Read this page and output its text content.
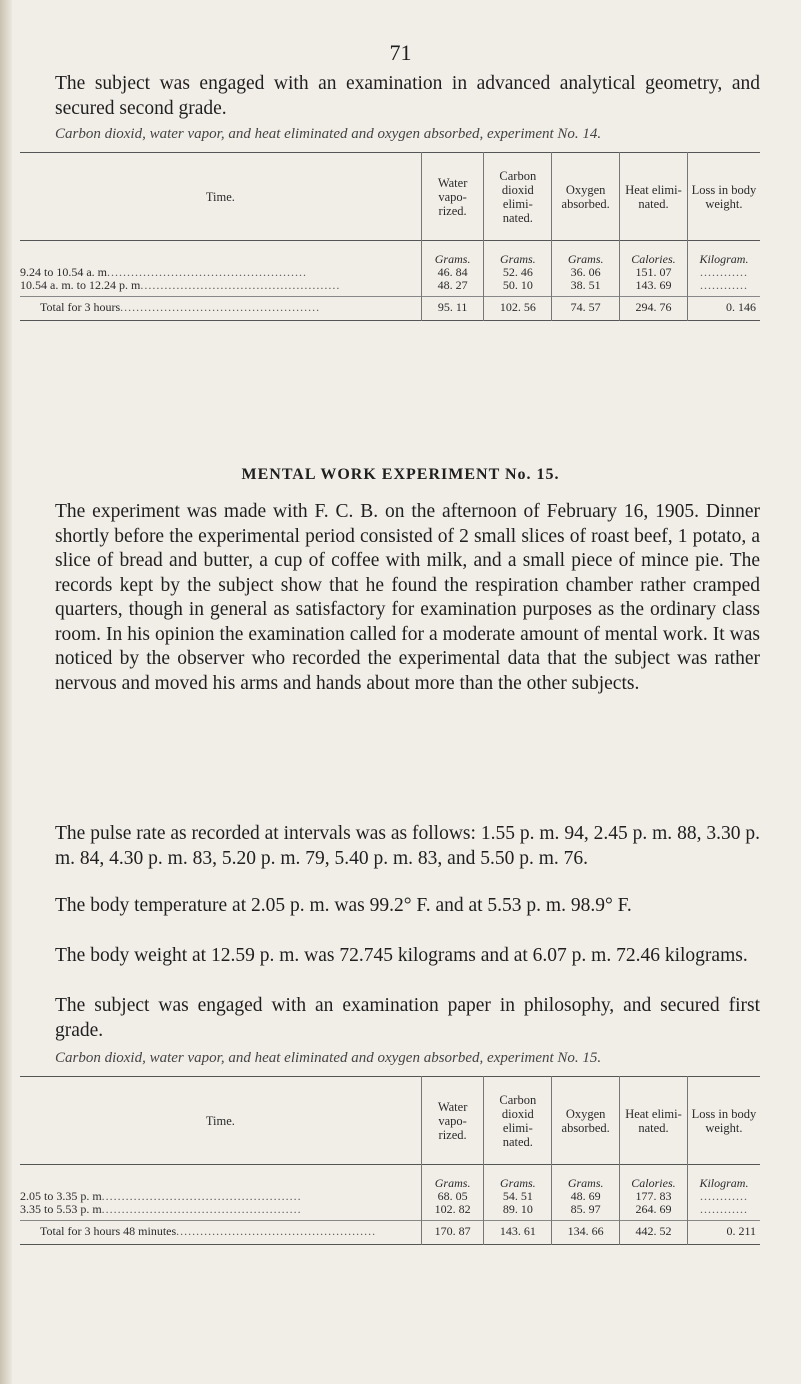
71

The subject was engaged with an examination in advanced analytical geometry, and secured second grade.

Carbon dioxid, water vapor, and heat eliminated and oxygen absorbed, experiment No. 14.
Time.	Water vapo- rized.	Carbon dioxid elimi- nated.	Oxygen absorbed.	Heat elimi- nated.	Loss in body weight.
	Grams.	Grams.	Grams.	Calories.	Kilogram.
9.24 to 10.54 a. m..................................................	46. 84	52. 46	36. 06	151. 07	............
10.54 a. m. to 12.24 p. m..................................................	48. 27	50. 10	38. 51	143. 69	............

Total for 3 hours..................................................	95. 11	102. 56	74. 57	294. 76	0. 146
MENTAL WORK EXPERIMENT No. 15.

The experiment was made with F. C. B. on the afternoon of February 16, 1905. Dinner shortly before the experimental period consisted of 2 small slices of roast beef, 1 potato, a slice of bread and butter, a cup of coffee with milk, and a small piece of mince pie. The records kept by the subject show that he found the respiration chamber rather cramped quarters, though in general as satisfactory for examination purposes as the ordinary class room. In his opinion the examination called for a moderate amount of mental work. It was noticed by the observer who recorded the experimental data that the subject was rather nervous and moved his arms and hands about more than the other subjects.

The pulse rate as recorded at intervals was as follows: 1.55 p. m. 94, 2.45 p. m. 88, 3.30 p. m. 84, 4.30 p. m. 83, 5.20 p. m. 79, 5.40 p. m. 83, and 5.50 p. m. 76.

The body temperature at 2.05 p. m. was 99.2° F. and at 5.53 p. m. 98.9° F.

The body weight at 12.59 p. m. was 72.745 kilograms and at 6.07 p. m. 72.46 kilograms.

The subject was engaged with an examination paper in philosophy, and secured first grade.

Carbon dioxid, water vapor, and heat eliminated and oxygen absorbed, experiment No. 15.
Time.	Water vapo- rized.	Carbon dioxid elimi- nated.	Oxygen absorbed.	Heat elimi- nated.	Loss in body weight.
	Grams.	Grams.	Grams.	Calories.	Kilogram.
2.05 to 3.35 p. m..................................................	68. 05	54. 51	48. 69	177. 83	............
3.35 to 5.53 p. m..................................................	102. 82	89. 10	85. 97	264. 69	............

Total for 3 hours 48 minutes..................................................	170. 87	143. 61	134. 66	442. 52	0. 211
